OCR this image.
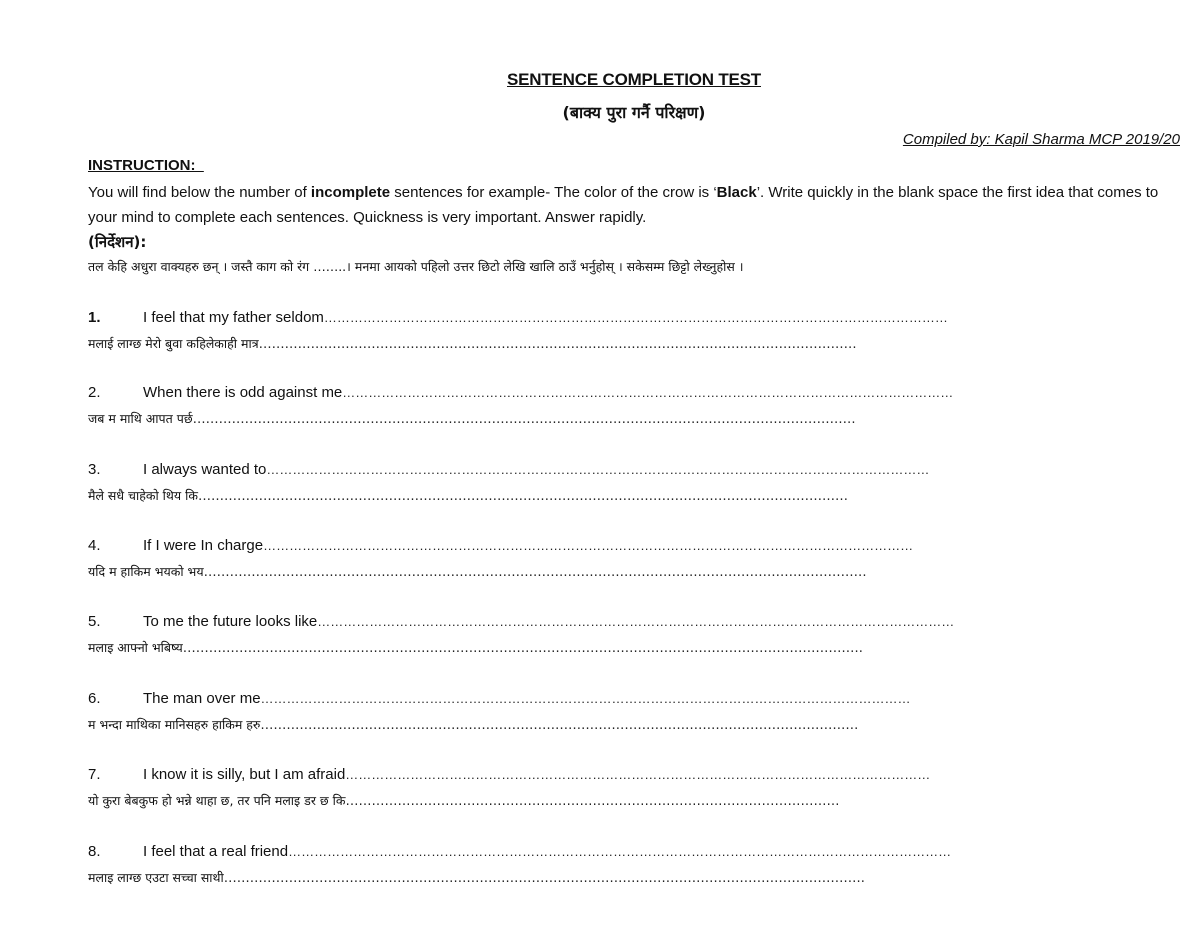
SENTENCE COMPLETION TEST
(बाक्य पुरा गर्नै परिक्षण)
Compiled by: Kapil Sharma MCP 2019/20
INSTRUCTION:
You will find below the number of incomplete sentences for example- The color of the crow is ‘Black’. Write quickly in the blank space the first idea that comes to your mind to complete each sentences. Quickness is very important. Answer rapidly.
(निर्देशन):
तल केहि अधुरा वाक्यहरु छन् । जस्तै काग को रंग ……..। मनमा आयको पहिलो उत्तर छिटो लेखि खालि ठाउँ भर्नुहोस् । सकेसम्म छिट्टो लेख्नुहोस ।
1.	I feel that my father seldom ………………………………………………………………………………………………………………………………
मलाई लाग्छ मेरो बुवा कहिलेकाही मात्र …………………………………………………………………………………………………………………………
2.	When there is odd against me ……………………………………………………………………………………………………………………………
जब म माथि आपत पर्छ ………………………………………………………………………………………………………………………………………
3.	I always wanted to ………………………………………………………………………………………………………………………………………
मैले सधै चाहेको थिय कि ……………………………………………………………………………………………………………………………………
4.	If I were In charge ……………………………………………………………………………………………………………………………………
यदि म हाकिम भयको भय ………………………………………………………………………………………………………………………………………
5.	To me the future looks like …………………………………………………………………………………………………………………………………
मलाइ आफ्नो भबिष्य ………………………………………………………………………………………………………………………………………….
6.	The man over me ……………………………………………………………………………………………………………………………………
म भन्दा माथिका मानिसहरु हाकिम हरु …………………………………………………………………………………………………………………………
7.	I know it is silly, but I am afraid ………………………………………………………………………………………………………………………
यो कुरा बेबकुफ हो भन्ने थाहा छ, तर पनि मलाइ डर छ कि ……………………………………………………………………………………………………
8.	I feel that a real friend ………………………………………………………………………………………………………………………………………
मलाइ लाग्छ एउटा सच्चा साथी ………………………………………………………………………………………………………………………………….
